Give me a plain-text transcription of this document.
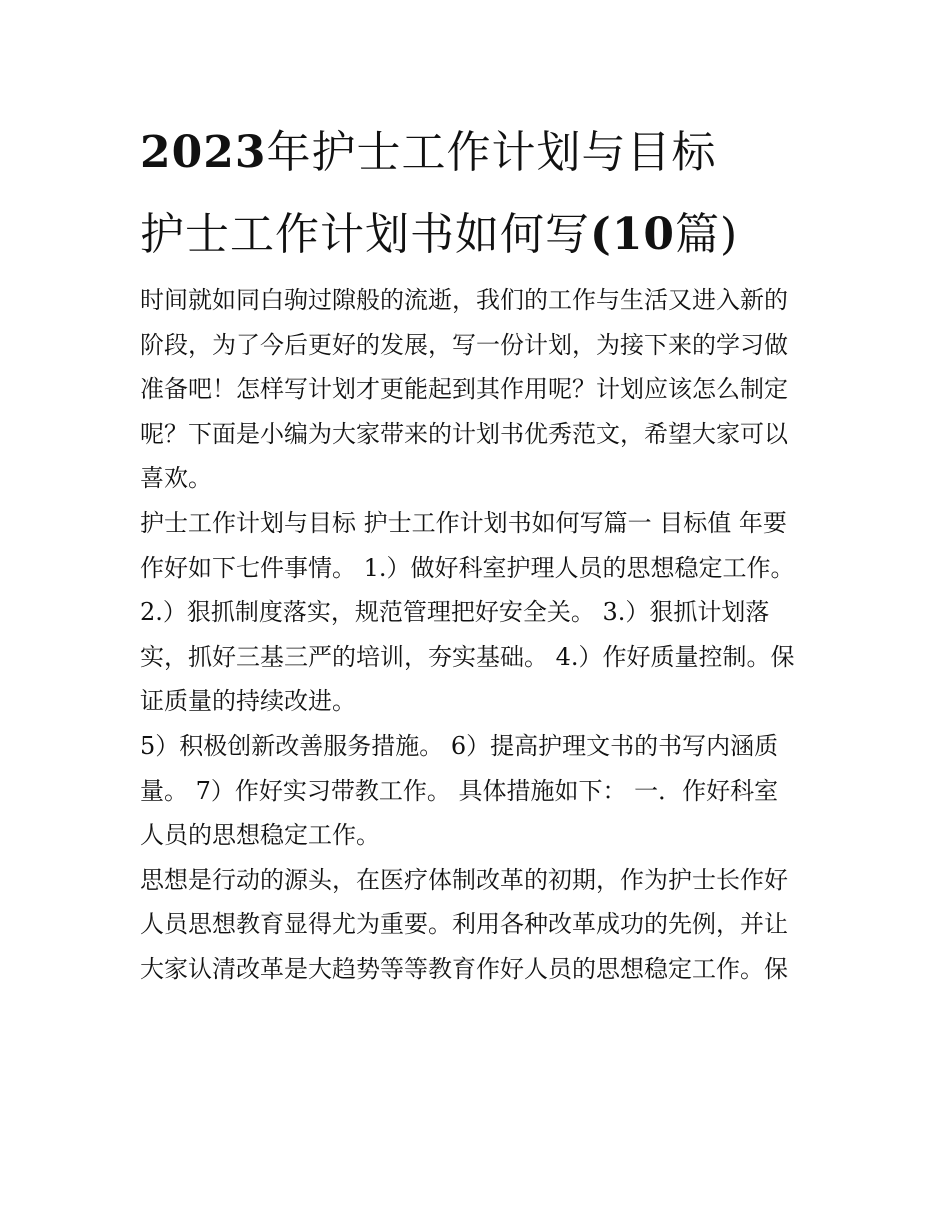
2023年护士工作计划与目标
护士工作计划书如何写(10篇)

时间就如同白驹过隙般的流逝，我们的工作与生活又进入新的
阶段，为了今后更好的发展，写一份计划，为接下来的学习做
准备吧！怎样写计划才更能起到其作用呢？计划应该怎么制定
呢？下面是小编为大家带来的计划书优秀范文，希望大家可以
喜欢。

护士工作计划与目标 护士工作计划书如何写篇一 目标值 年要
作好如下七件事情。 1.）做好科室护理人员的思想稳定工作。
2.）狠抓制度落实，规范管理把好安全关。 3.）狠抓计划落
实，抓好三基三严的培训，夯实基础。 4.）作好质量控制。保
证质量的持续改进。

5）积极创新改善服务措施。 6）提高护理文书的书写内涵质
量。 7）作好实习带教工作。 具体措施如下： 一．作好科室
人员的思想稳定工作。

思想是行动的源头，在医疗体制改革的初期，作为护士长作好
人员思想教育显得尤为重要。利用各种改革成功的先例，并让
大家认清改革是大趋势等等教育作好人员的思想稳定工作。保
